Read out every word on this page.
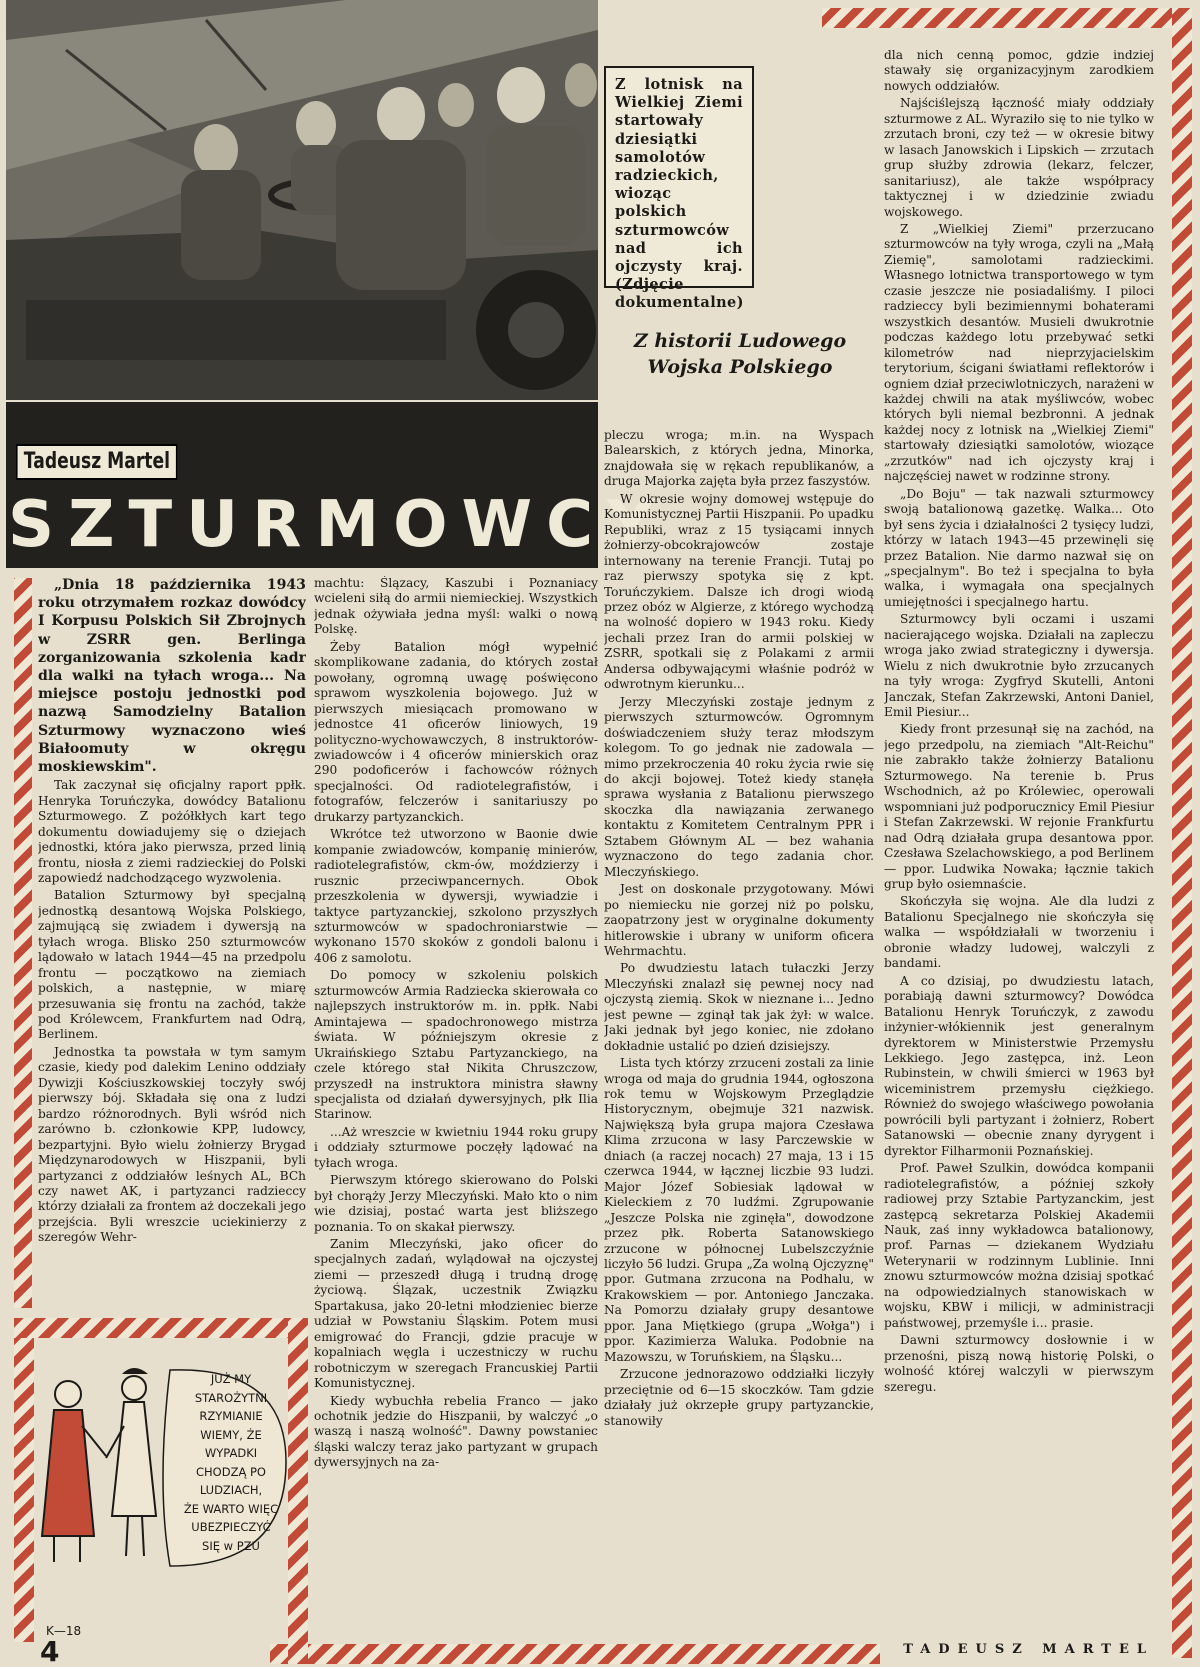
Z lotnisk na Wielkiej Ziemi startowały dziesiątki samolotów radzieckich, wioząc polskich szturmowców nad ich ojczysty kraj. (Zdjęcie dokumentalne)
Z historii Ludowego Wojska Polskiego
Tadeusz Martel
SZTURMOWCY

„Dnia 18 października 1943 roku otrzymałem rozkaz dowódcy I Korpusu Polskich Sił Zbrojnych w ZSRR gen. Berlinga zorganizowania szkolenia kadr dla walki na tyłach wroga... Na miejsce postoju jednostki pod nazwą Samodzielny Batalion Szturmowy wyznaczono wieś Białoomuty w okręgu moskiewskim".

Tak zaczynał się oficjalny raport ppłk. Henryka Toruńczyka, dowódcy Batalionu Szturmowego. Z pożółkłych kart tego dokumentu dowiadujemy się o dziejach jednostki, która jako pierwsza, przed linią frontu, niosła z ziemi radzieckiej do Polski zapowiedź nadchodzącego wyzwolenia.

Batalion Szturmowy był specjalną jednostką desantową Wojska Polskiego, zajmującą się zwiadem i dywersją na tyłach wroga. Blisko 250 szturmowców lądowało w latach 1944—45 na przedpolu frontu — początkowo na ziemiach polskich, a następnie, w miarę przesuwania się frontu na zachód, także pod Królewcem, Frankfurtem nad Odrą, Berlinem.

Jednostka ta powstała w tym samym czasie, kiedy pod dalekim Lenino oddziały Dywizji Kościuszkowskiej toczyły swój pierwszy bój. Składała się ona z ludzi bardzo różnorodnych. Byli wśród nich zarówno b. członkowie KPP, ludowcy, bezpartyjni. Było wielu żołnierzy Brygad Międzynarodowych w Hiszpanii, byli partyzanci z oddziałów leśnych AL, BCh czy nawet AK, i partyzanci radzieccy którzy działali za frontem aż doczekali jego przejścia. Byli wreszcie uciekinierzy z szeregów Wehr-

machtu: Ślązacy, Kaszubi i Poznaniacy wcieleni siłą do armii niemieckiej. Wszystkich jednak ożywiała jedna myśl: walki o nową Polskę.

Żeby Batalion mógł wypełnić skomplikowane zadania, do których został powołany, ogromną uwagę poświęcono sprawom wyszkolenia bojowego. Już w pierwszych miesiącach promowano w jednostce 41 oficerów liniowych, 19 polityczno-wychowawczych, 8 instruktorów-zwiadowców i 4 oficerów minierskich oraz 290 podoficerów i fachowców różnych specjalności. Od radiotelegrafistów, i fotografów, felczerów i sanitariuszy po drukarzy partyzanckich.

Wkrótce też utworzono w Baonie dwie kompanie zwiadowców, kompanię minierów, radiotelegrafistów, ckm-ów, moździerzy i rusznic przeciwpancernych. Obok przeszkolenia w dywersji, wywiadzie i taktyce partyzanckiej, szkolono przyszłych szturmowców w spadochroniarstwie — wykonano 1570 skoków z gondoli balonu i 406 z samolotu.

Do pomocy w szkoleniu polskich szturmowców Armia Radziecka skierowała co najlepszych instruktorów m. in. ppłk. Nabi Amintajewa — spadochronowego mistrza świata. W późniejszym okresie z Ukraińskiego Sztabu Partyzanckiego, na czele którego stał Nikita Chruszczow, przyszedł na instruktora ministra sławny specjalista od działań dywersyjnych, płk Ilia Starinow.

...Aż wreszcie w kwietniu 1944 roku grupy i oddziały szturmowe poczęły lądować na tyłach wroga.

Pierwszym którego skierowano do Polski był chorąży Jerzy Mleczyński. Mało kto o nim wie dzisiaj, postać warta jest bliższego poznania. To on skakał pierwszy.

Zanim Mleczyński, jako oficer do specjalnych zadań, wylądował na ojczystej ziemi — przeszedł długą i trudną drogę życiową. Ślązak, uczestnik Związku Spartakusa, jako 20-letni młodzieniec bierze udział w Powstaniu Śląskim. Potem musi emigrować do Francji, gdzie pracuje w kopalniach węgla i uczestniczy w ruchu robotniczym w szeregach Francuskiej Partii Komunistycznej.

Kiedy wybuchła rebelia Franco — jako ochotnik jedzie do Hiszpanii, by walczyć „o waszą i naszą wolność". Dawny powstaniec śląski walczy teraz jako partyzant w grupach dywersyjnych na za-

pleczu wroga; m.in. na Wyspach Balearskich, z których jedna, Minorka, znajdowała się w rękach republikanów, a druga Majorka zajęta była przez faszystów.

W okresie wojny domowej wstępuje do Komunistycznej Partii Hiszpanii. Po upadku Republiki, wraz z 15 tysiącami innych żołnierzy-obcokrajowców zostaje internowany na terenie Francji. Tutaj po raz pierwszy spotyka się z kpt. Toruńczykiem. Dalsze ich drogi wiodą przez obóz w Algierze, z którego wychodzą na wolność dopiero w 1943 roku. Kiedy jechali przez Iran do armii polskiej w ZSRR, spotkali się z Polakami z armii Andersa odbywającymi właśnie podróż w odwrotnym kierunku...

Jerzy Mleczyński zostaje jednym z pierwszych szturmowców. Ogromnym doświadczeniem służy teraz młodszym kolegom. To go jednak nie zadowala — mimo przekroczenia 40 roku życia rwie się do akcji bojowej. Toteż kiedy stanęła sprawa wysłania z Batalionu pierwszego skoczka dla nawiązania zerwanego kontaktu z Komitetem Centralnym PPR i Sztabem Głównym AL — bez wahania wyznaczono do tego zadania chor. Mleczyńskiego.

Jest on doskonale przygotowany. Mówi po niemiecku nie gorzej niż po polsku, zaopatrzony jest w oryginalne dokumenty hitlerowskie i ubrany w uniform oficera Wehrmachtu.

Po dwudziestu latach tułaczki Jerzy Mleczyński znalazł się pewnej nocy nad ojczystą ziemią. Skok w nieznane i... Jedno jest pewne — zginął tak jak żył: w walce. Jaki jednak był jego koniec, nie zdołano dokładnie ustalić po dzień dzisiejszy.

Lista tych którzy zrzuceni zostali za linie wroga od maja do grudnia 1944, ogłoszona rok temu w Wojskowym Przeglądzie Historycznym, obejmuje 321 nazwisk. Największą była grupa majora Czesława Klima zrzucona w lasy Parczewskie w dniach (a raczej nocach) 27 maja, 13 i 15 czerwca 1944, w łącznej liczbie 93 ludzi. Major Józef Sobiesiak lądował w Kieleckiem z 70 ludźmi. Zgrupowanie „Jeszcze Polska nie zginęła", dowodzone przez płk. Roberta Satanowskiego zrzucone w północnej Lubelszczyźnie liczyło 56 ludzi. Grupa „Za wolną Ojczyznę" ppor. Gutmana zrzucona na Podhalu, w Krakowskiem — por. Antoniego Janczaka. Na Pomorzu działały grupy desantowe ppor. Jana Miętkiego (grupa „Wołga") i ppor. Kazimierza Waluka. Podobnie na Mazowszu, w Toruńskiem, na Śląsku...

Zrzucone jednorazowo oddziałki liczyły przeciętnie od 6—15 skoczków. Tam gdzie działały już okrzepłe grupy partyzanckie, stanowiły

dla nich cenną pomoc, gdzie indziej stawały się organizacyjnym zarodkiem nowych oddziałów.

Najściślejszą łączność miały oddziały szturmowe z AL. Wyraziło się to nie tylko w zrzutach broni, czy też — w okresie bitwy w lasach Janowskich i Lipskich — zrzutach grup służby zdrowia (lekarz, felczer, sanitariusz), ale także współpracy taktycznej i w dziedzinie zwiadu wojskowego.

Z „Wielkiej Ziemi" przerzucano szturmowców na tyły wroga, czyli na „Małą Ziemię", samolotami radzieckimi. Własnego lotnictwa transportowego w tym czasie jeszcze nie posiadaliśmy. I piloci radzieccy byli bezimiennymi bohaterami wszystkich desantów. Musieli dwukrotnie podczas każdego lotu przebywać setki kilometrów nad nieprzyjacielskim terytorium, ścigani światłami reflektorów i ogniem dział przeciwlotniczych, narażeni w każdej chwili na atak myśliwców, wobec których byli niemal bezbronni. A jednak każdej nocy z lotnisk na „Wielkiej Ziemi" startowały dziesiątki samolotów, wiozące „zrzutków" nad ich ojczysty kraj i najczęściej nawet w rodzinne strony.

„Do Boju" — tak nazwali szturmowcy swoją batalionową gazetkę. Walka... Oto był sens życia i działalności 2 tysięcy ludzi, którzy w latach 1943—45 przewinęli się przez Batalion. Nie darmo nazwał się on „specjalnym". Bo też i specjalna to była walka, i wymagała ona specjalnych umiejętności i specjalnego hartu.

Szturmowcy byli oczami i uszami nacierającego wojska. Działali na zapleczu wroga jako zwiad strategiczny i dywersja. Wielu z nich dwukrotnie było zrzucanych na tyły wroga: Zygfryd Skutelli, Antoni Janczak, Stefan Zakrzewski, Antoni Daniel, Emil Piesiur...

Kiedy front przesunął się na zachód, na jego przedpolu, na ziemiach "Alt-Reichu" nie zabrakło także żołnierzy Batalionu Szturmowego. Na terenie b. Prus Wschodnich, aż po Królewiec, operowali wspomniani już podporucznicy Emil Piesiur i Stefan Zakrzewski. W rejonie Frankfurtu nad Odrą działała grupa desantowa ppor. Czesława Szelachowskiego, a pod Berlinem — ppor. Ludwika Nowaka; łącznie takich grup było osiemnaście.

Skończyła się wojna. Ale dla ludzi z Batalionu Specjalnego nie skończyła się walka — współdziałali w tworzeniu i obronie władzy ludowej, walczyli z bandami.

A co dzisiaj, po dwudziestu latach, porabiają dawni szturmowcy? Dowódca Batalionu Henryk Toruńczyk, z zawodu inżynier-włókiennik jest generalnym dyrektorem w Ministerstwie Przemysłu Lekkiego. Jego zastępca, inż. Leon Rubinstein, w chwili śmierci w 1963 był wiceministrem przemysłu ciężkiego. Również do swojego właściwego powołania powrócili byli partyzant i żołnierz, Robert Satanowski — obecnie znany dyrygent i dyrektor Filharmonii Poznańskiej.

Prof. Paweł Szulkin, dowódca kompanii radiotelegrafistów, a później szkoły radiowej przy Sztabie Partyzanckim, jest zastępcą sekretarza Polskiej Akademii Nauk, zaś inny wykładowca batalionowy, prof. Parnas — dziekanem Wydziału Weterynarii w rodzinnym Lublinie. Inni znowu szturmowców można dzisiaj spotkać na odpowiedzialnych stanowiskach w wojsku, KBW i milicji, w administracji państwowej, przemyśle i... prasie.

Dawni szturmowcy dosłownie i w przenośni, piszą nową historię Polski, o wolność której walczyli w pierwszym szeregu.

TADEUSZ MARTEL
JUŻ MY
STAROŻYTNI
RZYMIANIE
WIEMY, ŻE
WYPADKI
CHODZĄ PO
LUDZIACH,
ŻE WARTO WIĘC
UBEZPIECZYĆ
SIĘ w PZU
K—18
4
